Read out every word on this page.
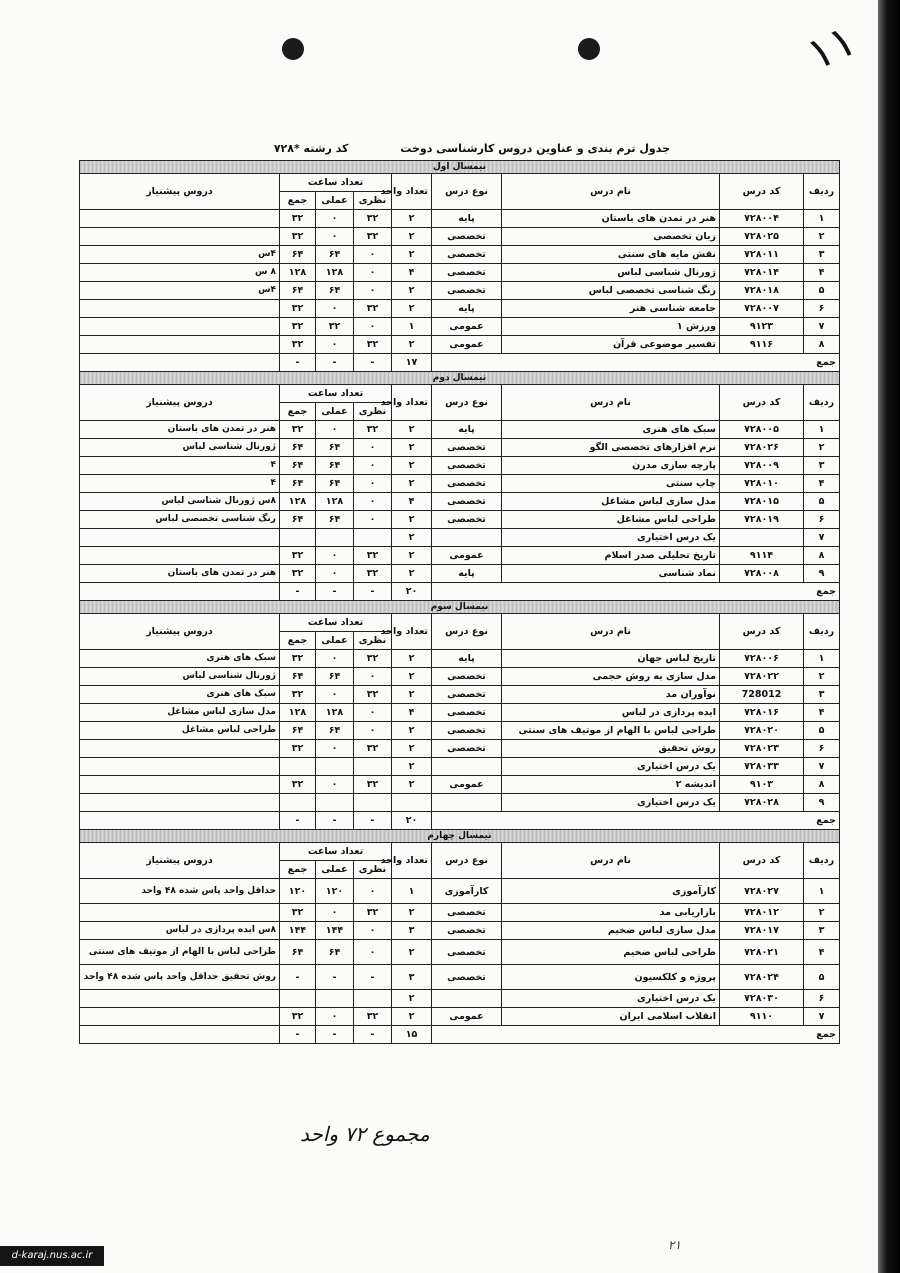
۱۱
جدول ترم بندی و عناوین دروس کارشناسی دوخت کد رشته *۷۲۸
نیمسال اول								
ردیف	کد درس	نام درس	نوع درس	تعداد واحد	تعداد ساعت			دروس پیشنیاز
					نظری	عملی	جمع	
۱	۷۲۸۰۰۴	هنر در تمدن های باستان	پایه	۲	۳۲	۰	۳۲	
۲	۷۲۸۰۲۵	زبان تخصصی	تخصصی	۲	۳۲	۰	۳۲	
۳	۷۲۸۰۱۱	نقش مایه های سنتی	تخصصی	۲	۰	۶۴	۶۴	۴س
۴	۷۲۸۰۱۴	ژورنال شناسی لباس	تخصصی	۴	۰	۱۲۸	۱۲۸	۸ س
۵	۷۲۸۰۱۸	رنگ شناسی تخصصی لباس	تخصصی	۲	۰	۶۴	۶۴	۴س
۶	۷۲۸۰۰۷	جامعه شناسی هنر	پایه	۲	۳۲	۰	۳۲	
۷	۹۱۲۳	ورزش ۱	عمومی	۱	۰	۳۲	۳۲	
۸	۹۱۱۶	تفسیر موضوعی قرآن	عمومی	۲	۳۲	۰	۳۲	
جمع				۱۷	-	-	-	
نیمسال دوم								
ردیف	کد درس	نام درس	نوع درس	تعداد واحد	تعداد ساعت			دروس پیشنیاز
					نظری	عملی	جمع	
۱	۷۲۸۰۰۵	سبک های هنری	پایه	۲	۳۲	۰	۳۲	هنر در تمدن های باستان
۲	۷۲۸۰۲۶	نرم افزارهای تخصصی الگو	تخصصی	۲	۰	۶۴	۶۴	ژورنال شناسی لباس
۳	۷۲۸۰۰۹	پارچه سازی مدرن	تخصصی	۲	۰	۶۴	۶۴	۴
۴	۷۲۸۰۱۰	چاپ سنتی	تخصصی	۲	۰	۶۴	۶۴	۴
۵	۷۲۸۰۱۵	مدل سازی لباس مشاغل	تخصصی	۴	۰	۱۲۸	۱۲۸	۸س ژورنال شناسی لباس
۶	۷۲۸۰۱۹	طراحی لباس مشاغل	تخصصی	۲	۰	۶۴	۶۴	رنگ شناسی تخصصی لباس
۷		یک درس اختیاری		۲				
۸	۹۱۱۴	تاریخ تحلیلی صدر اسلام	عمومی	۲	۳۲	۰	۳۲	
۹	۷۲۸۰۰۸	نماد شناسی	پایه	۲	۳۲	۰	۳۲	هنر در تمدن های باستان
جمع				۲۰	-	-	-	
نیمسال سوم								
ردیف	کد درس	نام درس	نوع درس	تعداد واحد	تعداد ساعت			دروس پیشنیاز
					نظری	عملی	جمع	
۱	۷۲۸۰۰۶	تاریخ لباس جهان	پایه	۲	۳۲	۰	۳۲	سبک های هنری
۲	۷۲۸۰۲۲	مدل سازی به روش حجمی	تخصصی	۲	۰	۶۴	۶۴	ژورنال شناسی لباس
۳	728012	نوآوران مد	تخصصی	۲	۳۲	۰	۳۲	سبک های هنری
۴	۷۲۸۰۱۶	ایده پردازی در لباس	تخصصی	۴	۰	۱۲۸	۱۲۸	مدل سازی لباس مشاغل
۵	۷۲۸۰۲۰	طراحی لباس با الهام از موتیف های سنتی	تخصصی	۲	۰	۶۴	۶۴	طراحی لباس مشاغل
۶	۷۲۸۰۲۳	روش تحقیق	تخصصی	۲	۳۲	۰	۳۲	
۷	۷۲۸۰۳۳	یک درس اختیاری		۲				
۸	۹۱۰۳	اندیشه ۲	عمومی	۲	۳۲	۰	۳۲	
۹	۷۲۸۰۲۸	یک درس اختیاری						
جمع				۲۰	-	-	-	
نیمسال چهارم								
ردیف	کد درس	نام درس	نوع درس	تعداد واحد	تعداد ساعت			دروس پیشنیاز
					نظری	عملی	جمع	
۱	۷۲۸۰۲۷	کارآموزی	کارآموزی	۱	۰	۱۲۰	۱۲۰	حداقل واحد پاس شده ۴۸ واحد
۲	۷۲۸۰۱۲	بازاریابی مد	تخصصی	۲	۳۲	۰	۳۲	
۳	۷۲۸۰۱۷	مدل سازی لباس ضخیم	تخصصی	۳	۰	۱۴۴	۱۴۴	۸س ایده پردازی در لباس
۴	۷۲۸۰۲۱	طراحی لباس ضخیم	تخصصی	۲	۰	۶۴	۶۴	طراحی لباس با الهام از موتیف های سنتی
۵	۷۲۸۰۲۴	پروژه و کلکسیون	تخصصی	۳	-	-	-	روش تحقیق حداقل واحد پاس شده ۴۸ واحد
۶	۷۲۸۰۳۰	یک درس اختیاری		۲				
۷	۹۱۱۰	انقلاب اسلامی ایران	عمومی	۲	۳۲	۰	۳۲	
جمع				۱۵	-	-	-	
مجموع ۷۲ واحد
۲۱
d-karaj.nus.ac.ir
